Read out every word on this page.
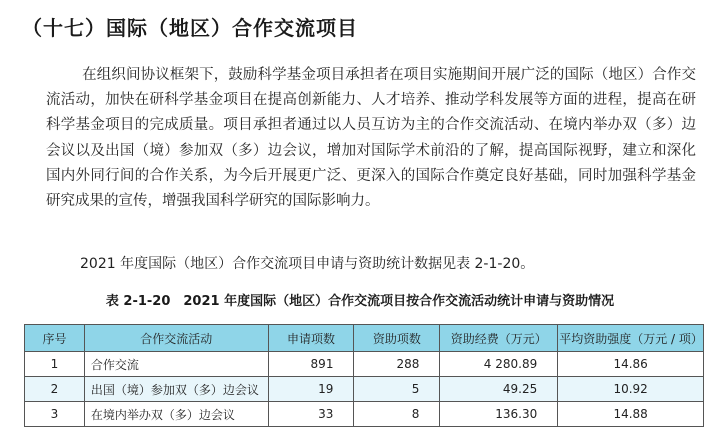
（十七）国际（地区）合作交流项目

在组织间协议框架下，鼓励科学基金项目承担者在项目实施期间开展广泛的国际（地区）合作交流活动，加快在研科学基金项目在提高创新能力、人才培养、推动学科发展等方面的进程，提高在研科学基金项目的完成质量。项目承担者通过以人员互访为主的合作交流活动、在境内举办双（多）边会议以及出国（境）参加双（多）边会议，增加对国际学术前沿的了解，提高国际视野，建立和深化国内外同行间的合作关系，为今后开展更广泛、更深入的国际合作奠定良好基础，同时加强科学基金研究成果的宣传，增强我国科学研究的国际影响力。

2021 年度国际（地区）合作交流项目申请与资助统计数据见表 2-1-20。
表 2-1-20　2021 年度国际（地区）合作交流项目按合作交流活动统计申请与资助情况
序号	合作交流活动	申请项数	资助项数	资助经费（万元）	平均资助强度（万元 / 项）
1	合作交流	891	288	4 280.89	14.86
2	出国（境）参加双（多）边会议	19	5	49.25	10.92
3	在境内举办双（多）边会议	33	8	136.30	14.88
